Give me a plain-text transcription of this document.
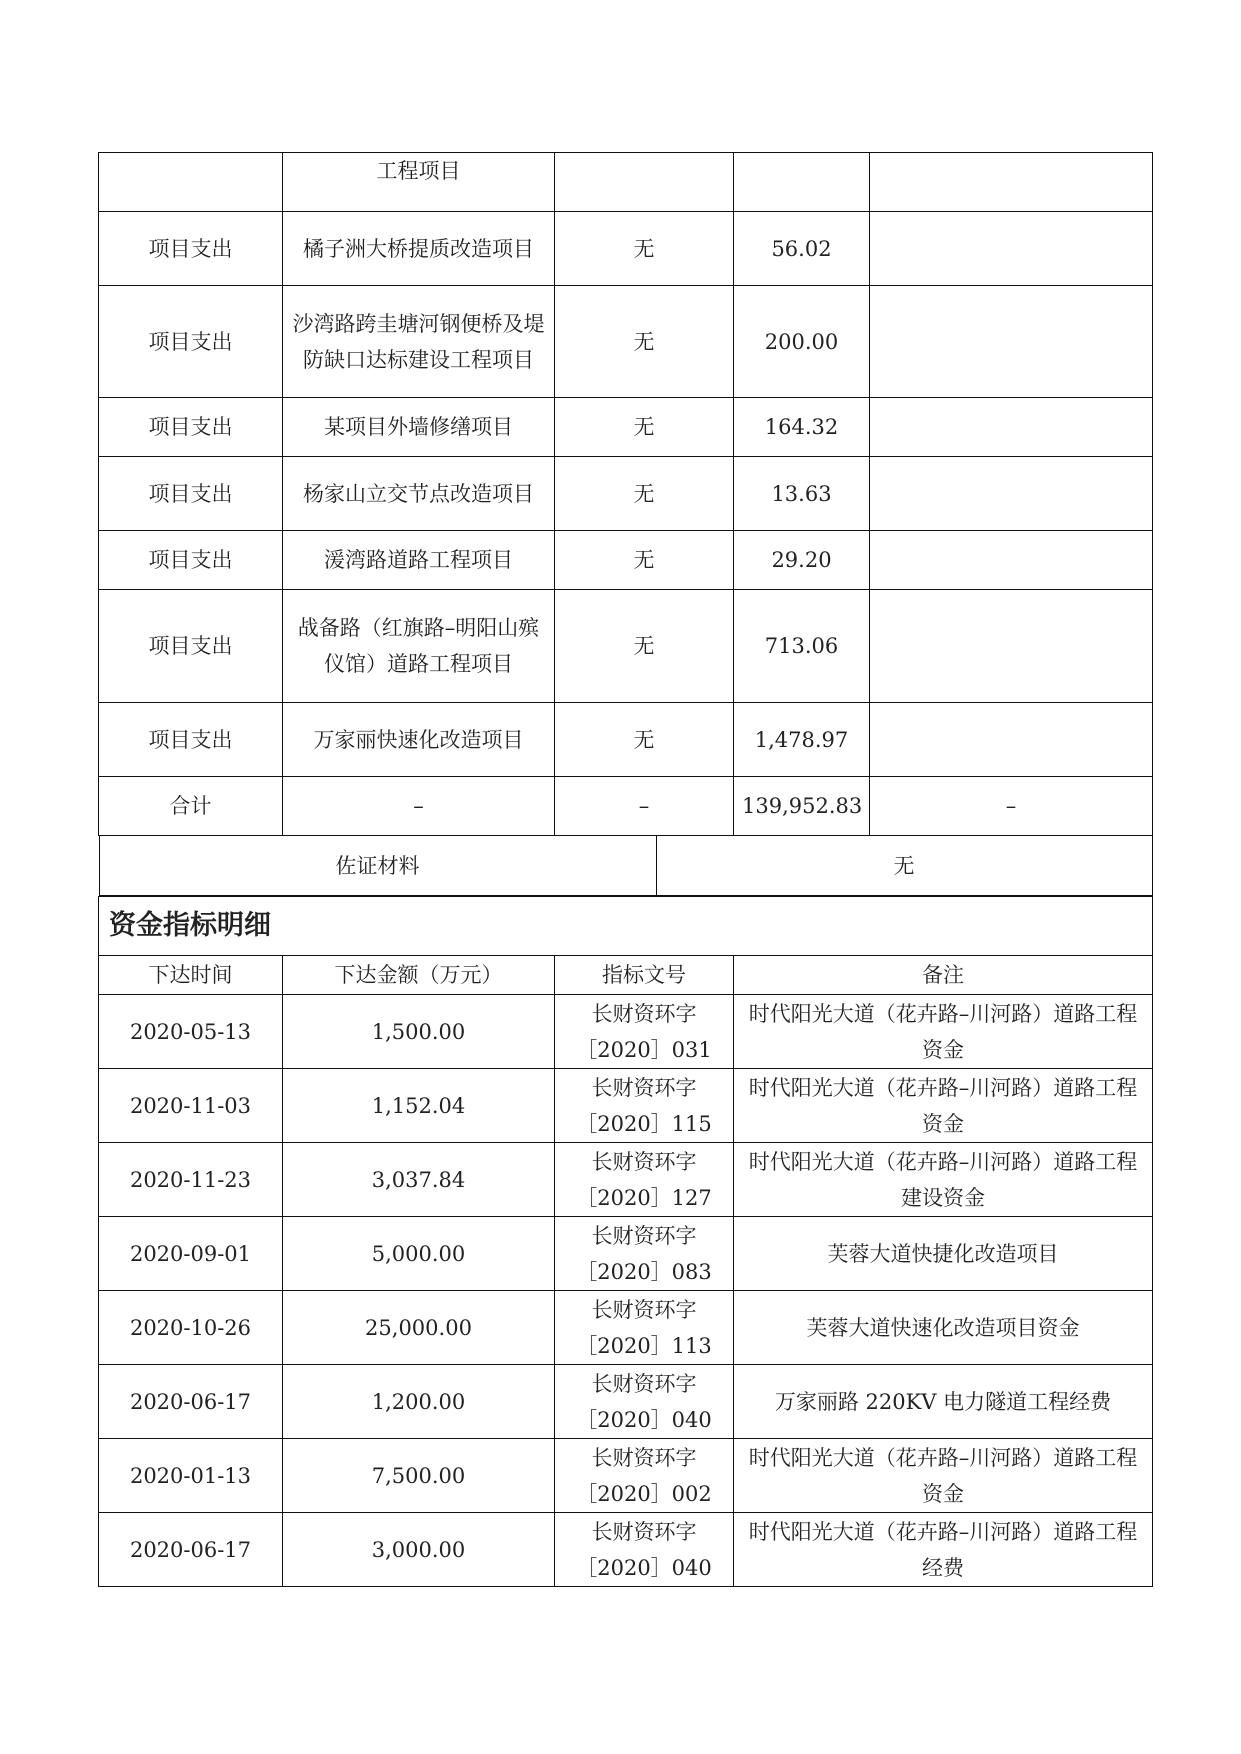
	工程项目			
项目支出	橘子洲大桥提质改造项目	无	56.02	
项目支出	沙湾路跨圭塘河钢便桥及堤防缺口达标建设工程项目	无	200.00	
项目支出	某项目外墙修缮项目	无	164.32	
项目支出	杨家山立交节点改造项目	无	13.63	
项目支出	湲湾路道路工程项目	无	29.20	
项目支出	战备路（红旗路–明阳山殡仪馆）道路工程项目	无	713.06	
项目支出	万家丽快速化改造项目	无	1,478.97	
合计	–	–	139,952.83	–

佐证材料 无				

资金指标明细				
下达时间	下达金额（万元）	指标文号	备注	
2020-05-13	1,500.00	长财资环字［2020］031	时代阳光大道（花卉路–川河路）道路工程资金	
2020-11-03	1,152.04	长财资环字［2020］115	时代阳光大道（花卉路–川河路）道路工程资金	
2020-11-23	3,037.84	长财资环字［2020］127	时代阳光大道（花卉路–川河路）道路工程建设资金	
2020-09-01	5,000.00	长财资环字［2020］083	芙蓉大道快捷化改造项目	
2020-10-26	25,000.00	长财资环字［2020］113	芙蓉大道快速化改造项目资金	
2020-06-17	1,200.00	长财资环字［2020］040	万家丽路 220KV 电力隧道工程经费	
2020-01-13	7,500.00	长财资环字［2020］002	时代阳光大道（花卉路–川河路）道路工程资金	
2020-06-17	3,000.00	长财资环字［2020］040	时代阳光大道（花卉路–川河路）道路工程经费	
